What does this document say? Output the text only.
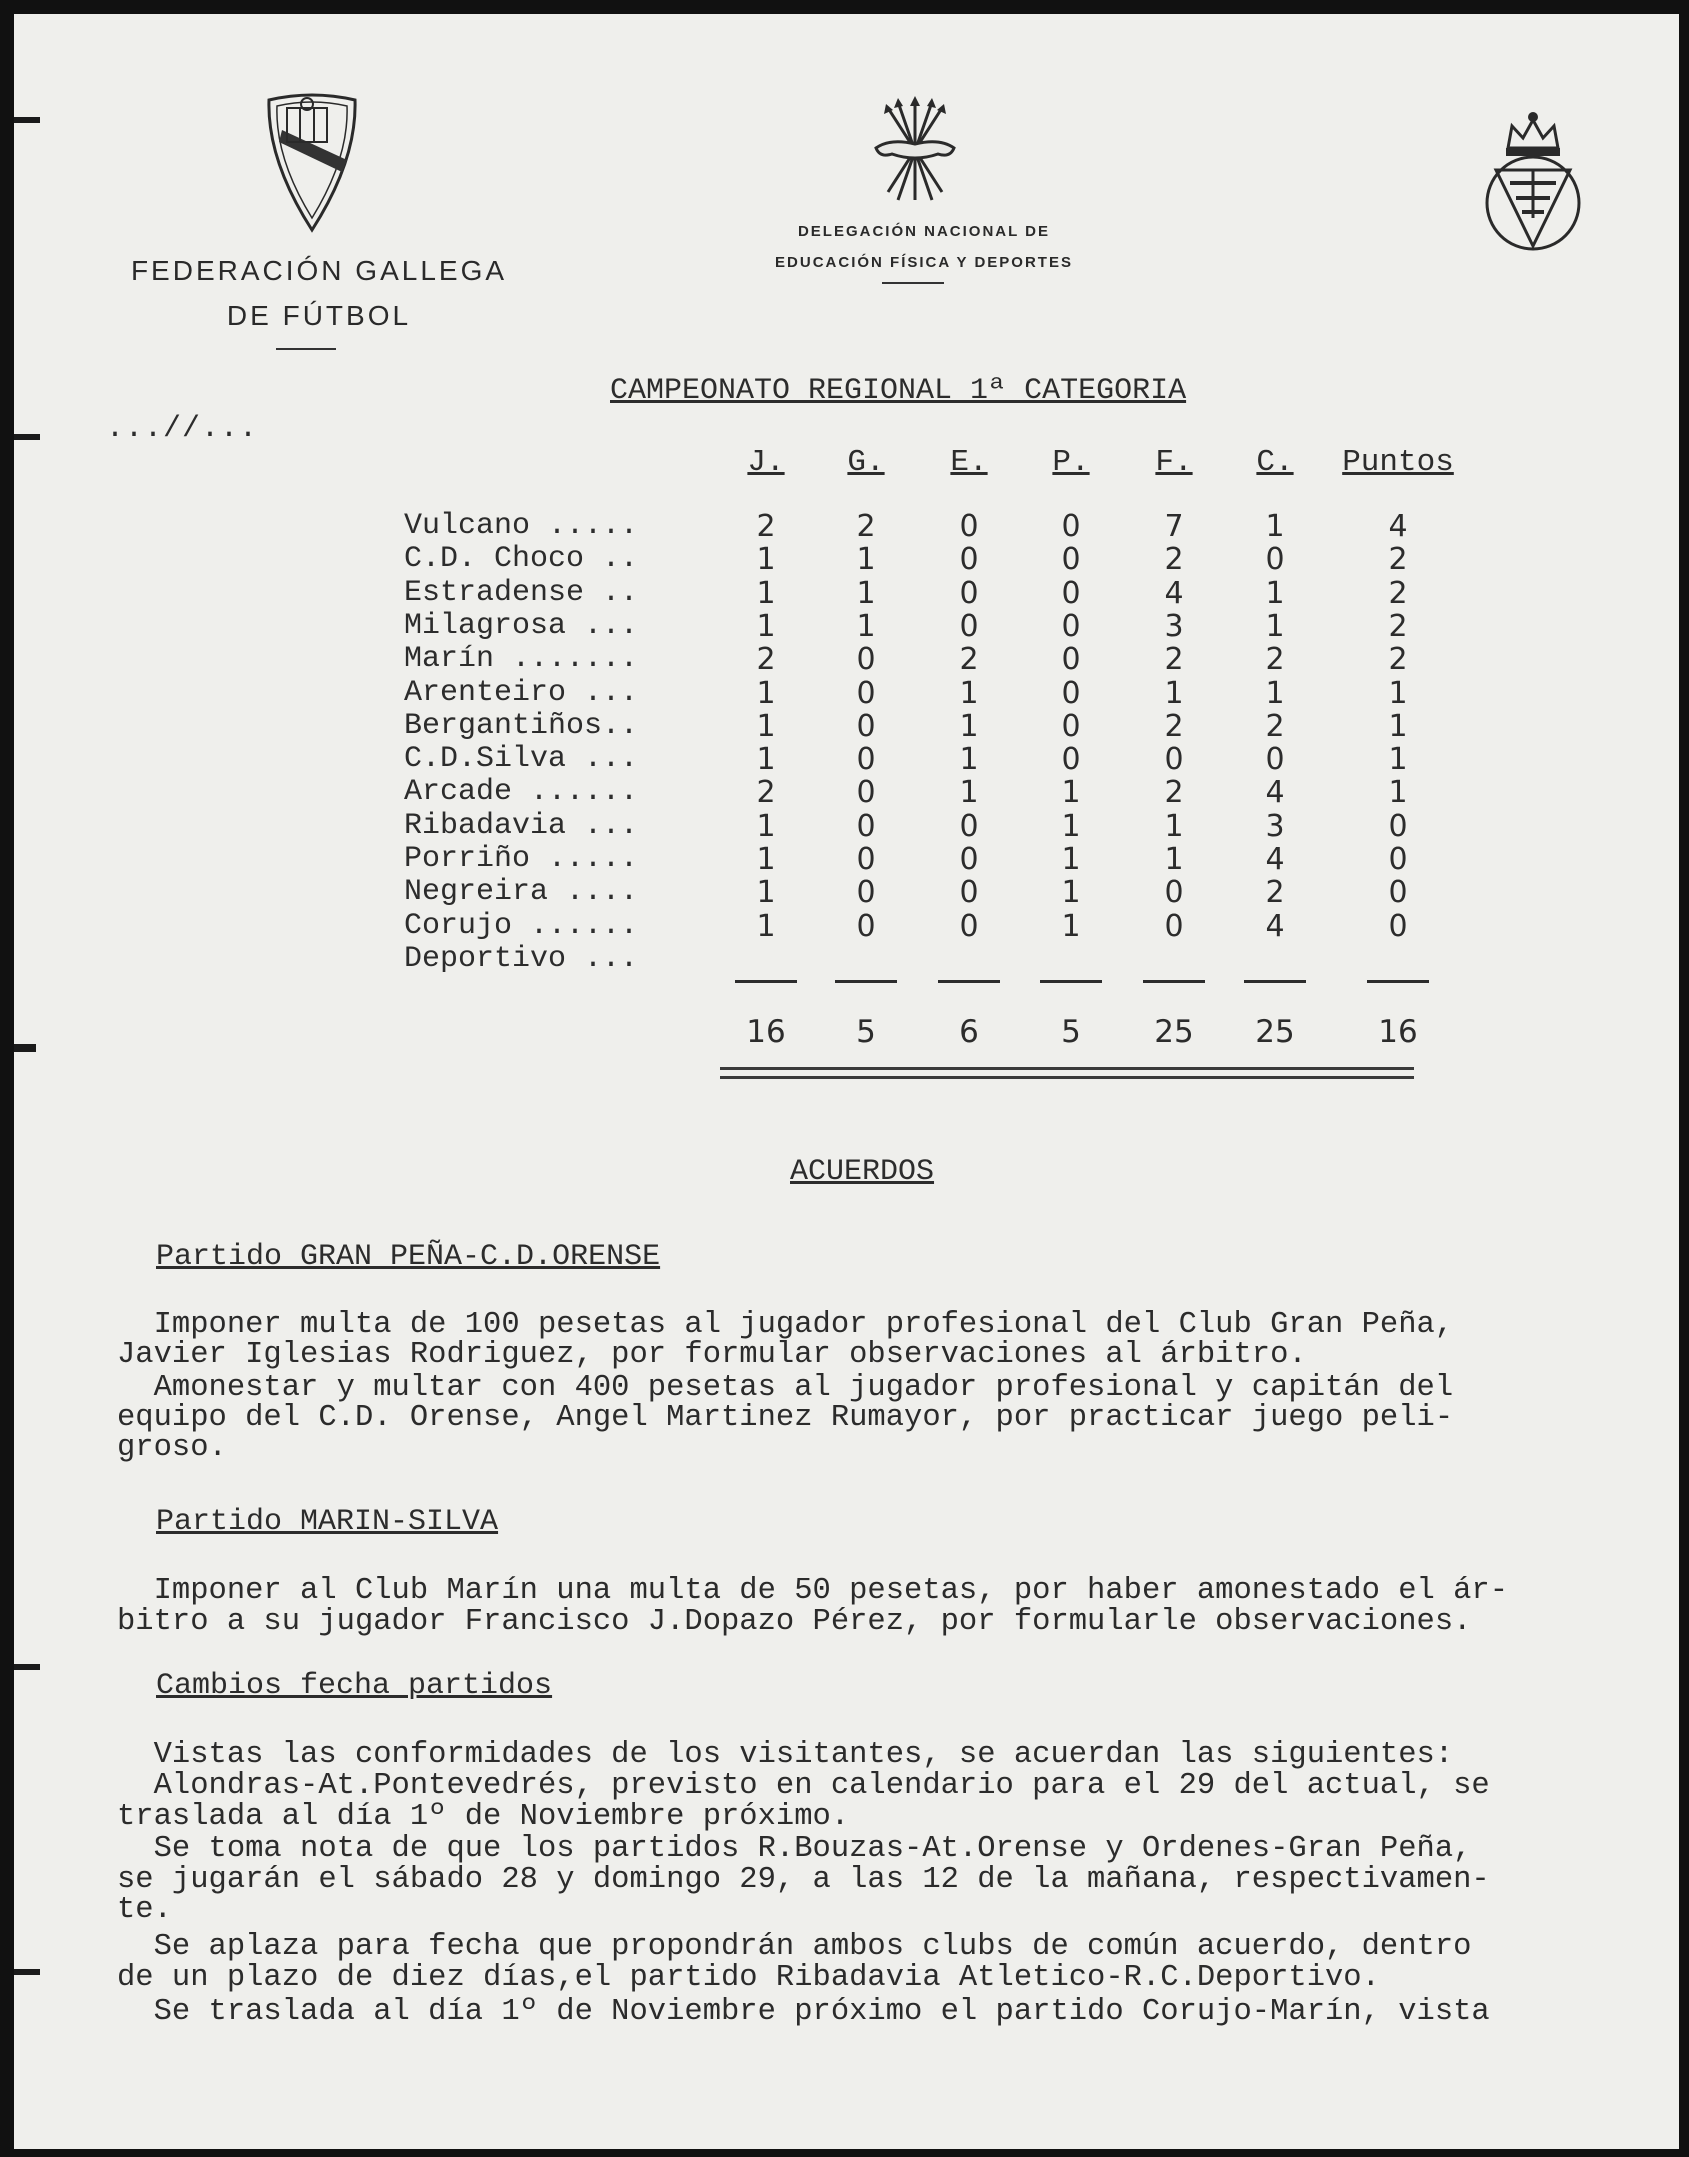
FEDERACIÓN GALLEGA
DE FÚTBOL
DELEGACIÓN NACIONAL DE
EDUCACIÓN FÍSICA Y DEPORTES
...//...
CAMPEONATO REGIONAL 1ª CATEGORIA
J.	G.	E.	P.	F.	C.	Puntos
Vulcano .....	2	2	0	0	7	1	4
C.D. Choco ..	1	1	0	0	2	0	2
Estradense ..	1	1	0	0	4	1	2
Milagrosa ...	1	1	0	0	3	1	2
Marín .......	2	0	2	0	2	2	2
Arenteiro ...	1	0	1	0	1	1	1
Bergantiños..	1	0	1	0	2	2	1
C.D.Silva ...	1	0	1	0	0	0	1
Arcade ......	2	0	1	1	2	4	1
Ribadavia ...	1	0	0	1	1	3	0
Porriño .....	1	0	0	1	1	4	0
Negreira ....	1	0	0	1	0	2	0
Corujo ......	1	0	0	1	0	4	0
Deportivo ...
16	5	6	5	25	25	16
ACUERDOS
Partido GRAN PEÑA-C.D.ORENSE
Imponer multa de 100 pesetas al jugador profesional del Club Gran Peña,
Javier Iglesias Rodriguez, por formular observaciones al árbitro.
Amonestar y multar con 400 pesetas al jugador profesional y capitán del
equipo del C.D. Orense, Angel Martinez Rumayor, por practicar juego peli-
groso.
Partido MARIN-SILVA
Imponer al Club Marín una multa de 50 pesetas, por haber amonestado el ár-
bitro a su jugador Francisco J.Dopazo Pérez, por formularle observaciones.
Cambios fecha partidos
Vistas las conformidades de los visitantes, se acuerdan las siguientes:
Alondras-At.Pontevedrés, previsto en calendario para el 29 del actual, se
traslada al día 1º de Noviembre próximo.
Se toma nota de que los partidos R.Bouzas-At.Orense y Ordenes-Gran Peña,
se jugarán el sábado 28 y domingo 29, a las 12 de la mañana, respectivamen-
te.
Se aplaza para fecha que propondrán ambos clubs de común acuerdo, dentro
de un plazo de diez días,el partido Ribadavia Atletico-R.C.Deportivo.
Se traslada al día 1º de Noviembre próximo el partido Corujo-Marín, vista
